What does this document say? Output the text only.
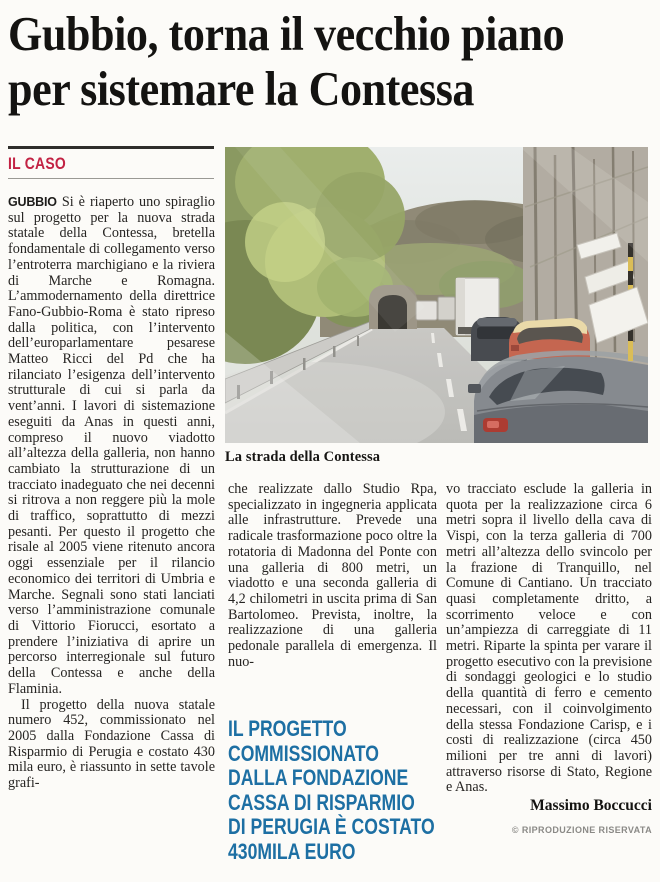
Gubbio, torna il vecchio piano
per sistemare la Contessa
IL CASO
La strada della Contessa

GUBBIO Si è riaperto uno spiraglio sul progetto per la nuova strada statale della Contessa, bretella fondamentale di collegamento verso l’entroterra marchigiano e la riviera di Marche e Romagna. L’ammodernamento della direttrice Fano-Gubbio-Roma è stato ripreso dalla politica, con l’intervento dell’europarlamentare pesarese Matteo Ricci del Pd che ha rilanciato l’esigenza dell’intervento strutturale di cui si parla da vent’anni. I lavori di sistemazione eseguiti da Anas in questi anni, compreso il nuovo viadotto all’altezza della galleria, non hanno cambiato la strutturazione di un tracciato inadeguato che nei decenni si ritrova a non reggere più la mole di traffico, soprattutto di mezzi pesanti. Per questo il progetto che risale al 2005 viene ritenuto ancora oggi essenziale per il rilancio economico dei territori di Umbria e Marche. Segnali sono stati lanciati verso l’amministrazione comunale di Vittorio Fiorucci, esortato a prendere l’iniziativa di aprire un percorso interregionale sul futuro della Contessa e anche della Flaminia.

Il progetto della nuova statale numero 452, commissionato nel 2005 dalla Fondazione Cassa di Risparmio di Perugia e costato 430 mila euro, è riassunto in sette tavole grafi-

che realizzate dallo Studio Rpa, specializzato in ingegneria applicata alle infrastrutture. Prevede una radicale trasformazione poco oltre la rotatoria di Madonna del Ponte con una galleria di 800 metri, un viadotto e una seconda galleria di 4,2 chilometri in uscita prima di San Bartolomeo. Prevista, inoltre, la realizzazione di una galleria pedonale parallela di emergenza. Il nuo-

IL PROGETTO
COMMISSIONATO
DALLA FONDAZIONE
CASSA DI RISPARMIO
DI PERUGIA È COSTATO
430MILA EURO

vo tracciato esclude la galleria in quota per la realizzazione circa 6 metri sopra il livello della cava di Vispi, con la terza galleria di 700 metri all’altezza dello svincolo per la frazione di Tranquillo, nel Comune di Cantiano. Un tracciato quasi completamente dritto, a scorrimento veloce e con un’ampiezza di carreggiate di 11 metri. Riparte la spinta per varare il progetto esecutivo con la previsione di sondaggi geologici e lo studio della quantità di ferro e cemento necessari, con il coinvolgimento della stessa Fondazione Carisp, e i costi di realizzazione (circa 450 milioni per tre anni di lavori) attraverso risorse di Stato, Regione e Anas.

Massimo Boccucci
© RIPRODUZIONE RISERVATA
